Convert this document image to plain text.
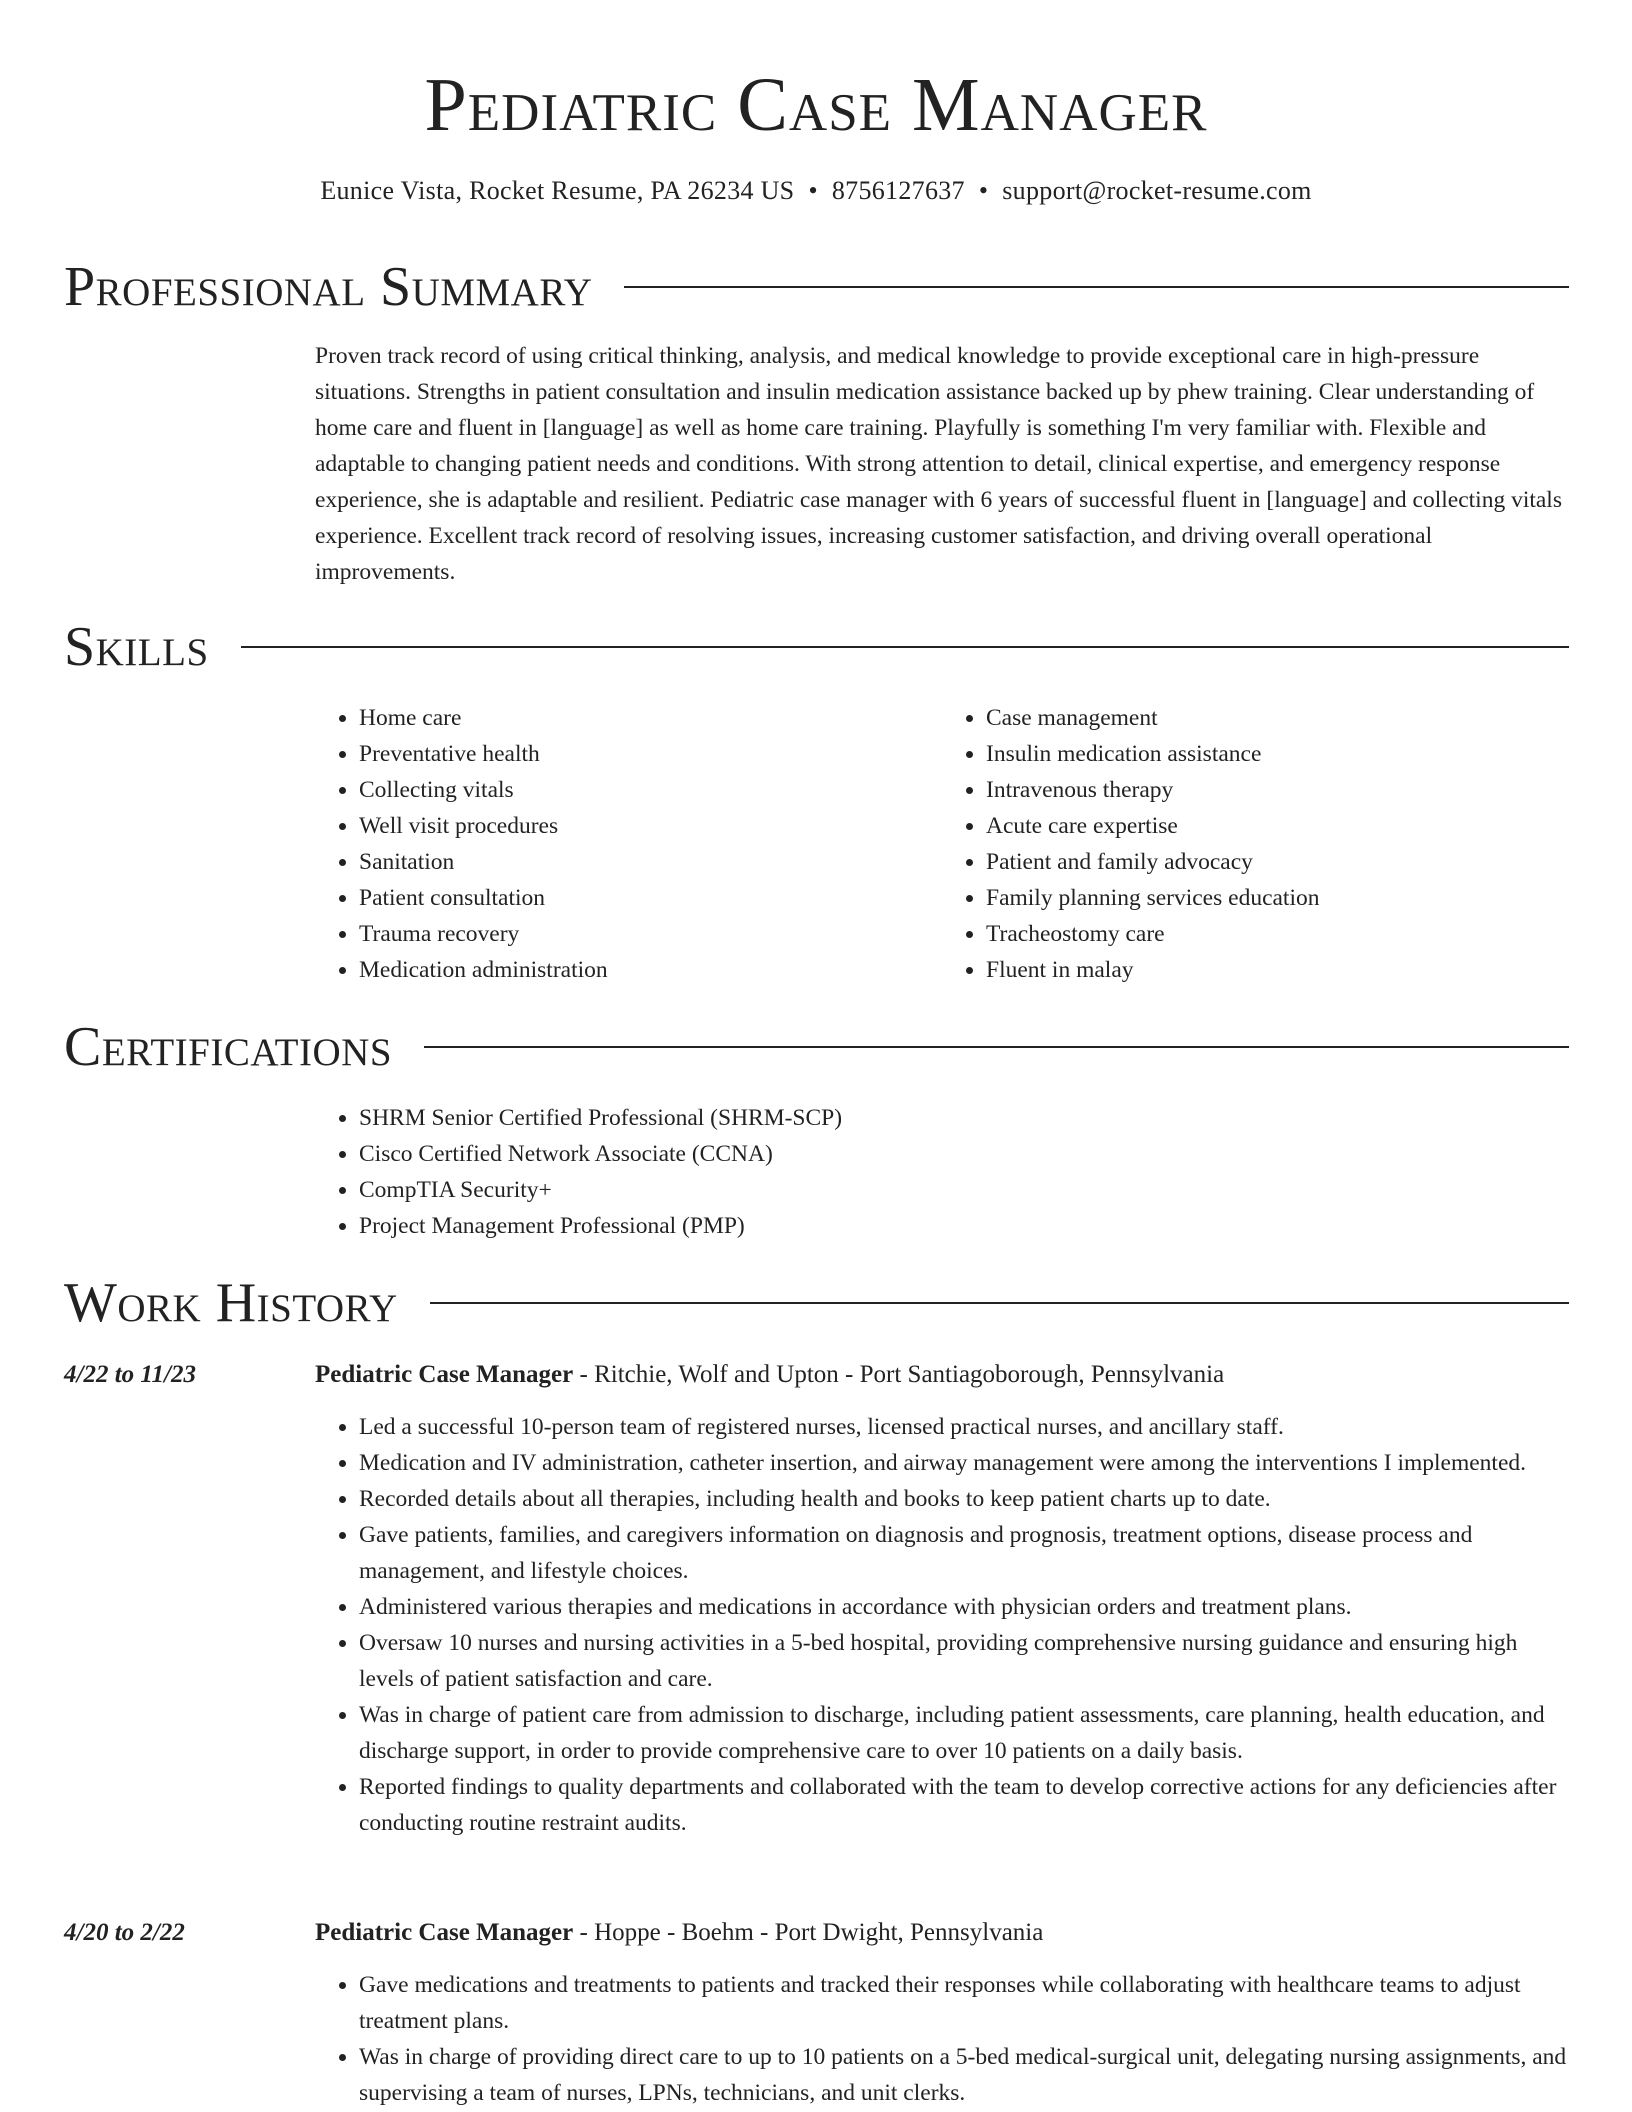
Pediatric Case Manager
Eunice Vista, Rocket Resume, PA 26234 US • 8756127637 • support@rocket-resume.com
Professional Summary
Proven track record of using critical thinking, analysis, and medical knowledge to provide exceptional care in high-pressure situations. Strengths in patient consultation and insulin medication assistance backed up by phew training. Clear understanding of home care and fluent in [language] as well as home care training. Playfully is something I'm very familiar with. Flexible and adaptable to changing patient needs and conditions. With strong attention to detail, clinical expertise, and emergency response experience, she is adaptable and resilient. Pediatric case manager with 6 years of successful fluent in [language] and collecting vitals experience. Excellent track record of resolving issues, increasing customer satisfaction, and driving overall operational improvements.
Skills
• Home care
• Preventative health
• Collecting vitals
• Well visit procedures
• Sanitation
• Patient consultation
• Trauma recovery
• Medication administration
• Case management
• Insulin medication assistance
• Intravenous therapy
• Acute care expertise
• Patient and family advocacy
• Family planning services education
• Tracheostomy care
• Fluent in malay
Certifications
• SHRM Senior Certified Professional (SHRM-SCP)
• Cisco Certified Network Associate (CCNA)
• CompTIA Security+
• Project Management Professional (PMP)
Work History
4/22 to 11/23	Pediatric Case Manager - Ritchie, Wolf and Upton - Port Santiagoborough, Pennsylvania
• Led a successful 10-person team of registered nurses, licensed practical nurses, and ancillary staff.
• Medication and IV administration, catheter insertion, and airway management were among the interventions I implemented.
• Recorded details about all therapies, including health and books to keep patient charts up to date.
• Gave patients, families, and caregivers information on diagnosis and prognosis, treatment options, disease process and management, and lifestyle choices.
• Administered various therapies and medications in accordance with physician orders and treatment plans.
• Oversaw 10 nurses and nursing activities in a 5-bed hospital, providing comprehensive nursing guidance and ensuring high levels of patient satisfaction and care.
• Was in charge of patient care from admission to discharge, including patient assessments, care planning, health education, and discharge support, in order to provide comprehensive care to over 10 patients on a daily basis.
• Reported findings to quality departments and collaborated with the team to develop corrective actions for any deficiencies after conducting routine restraint audits.
4/20 to 2/22	Pediatric Case Manager - Hoppe - Boehm - Port Dwight, Pennsylvania
• Gave medications and treatments to patients and tracked their responses while collaborating with healthcare teams to adjust treatment plans.
• Was in charge of providing direct care to up to 10 patients on a 5-bed medical-surgical unit, delegating nursing assignments, and supervising a team of nurses, LPNs, technicians, and unit clerks.
